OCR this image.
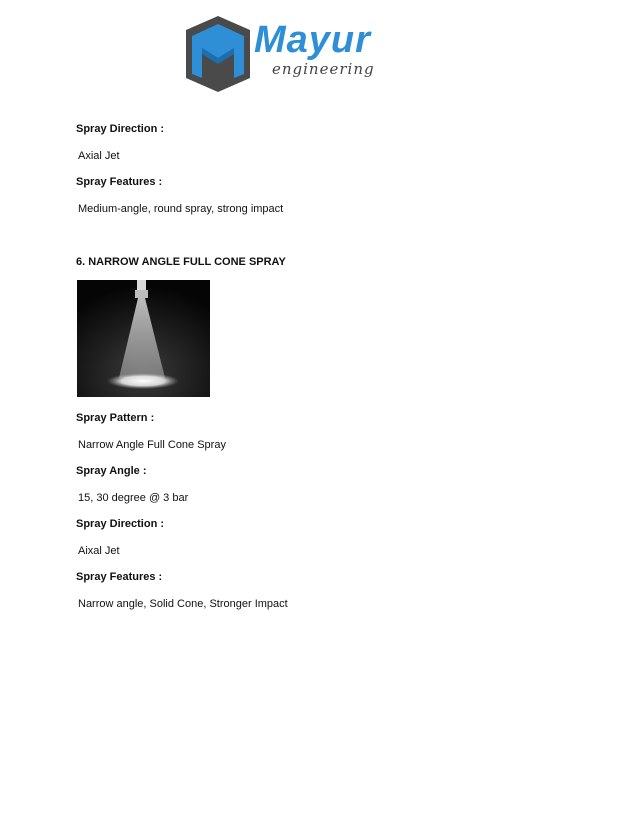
Mayur
engineering
Spray Direction :
Axial Jet
Spray Features :
Medium-angle, round spray, strong impact
6. NARROW ANGLE FULL CONE SPRAY
Spray Pattern :
Narrow Angle Full Cone Spray
Spray Angle :
15, 30 degree @ 3 bar
Spray Direction :
Aixal Jet
Spray Features :
Narrow angle, Solid Cone, Stronger Impact
